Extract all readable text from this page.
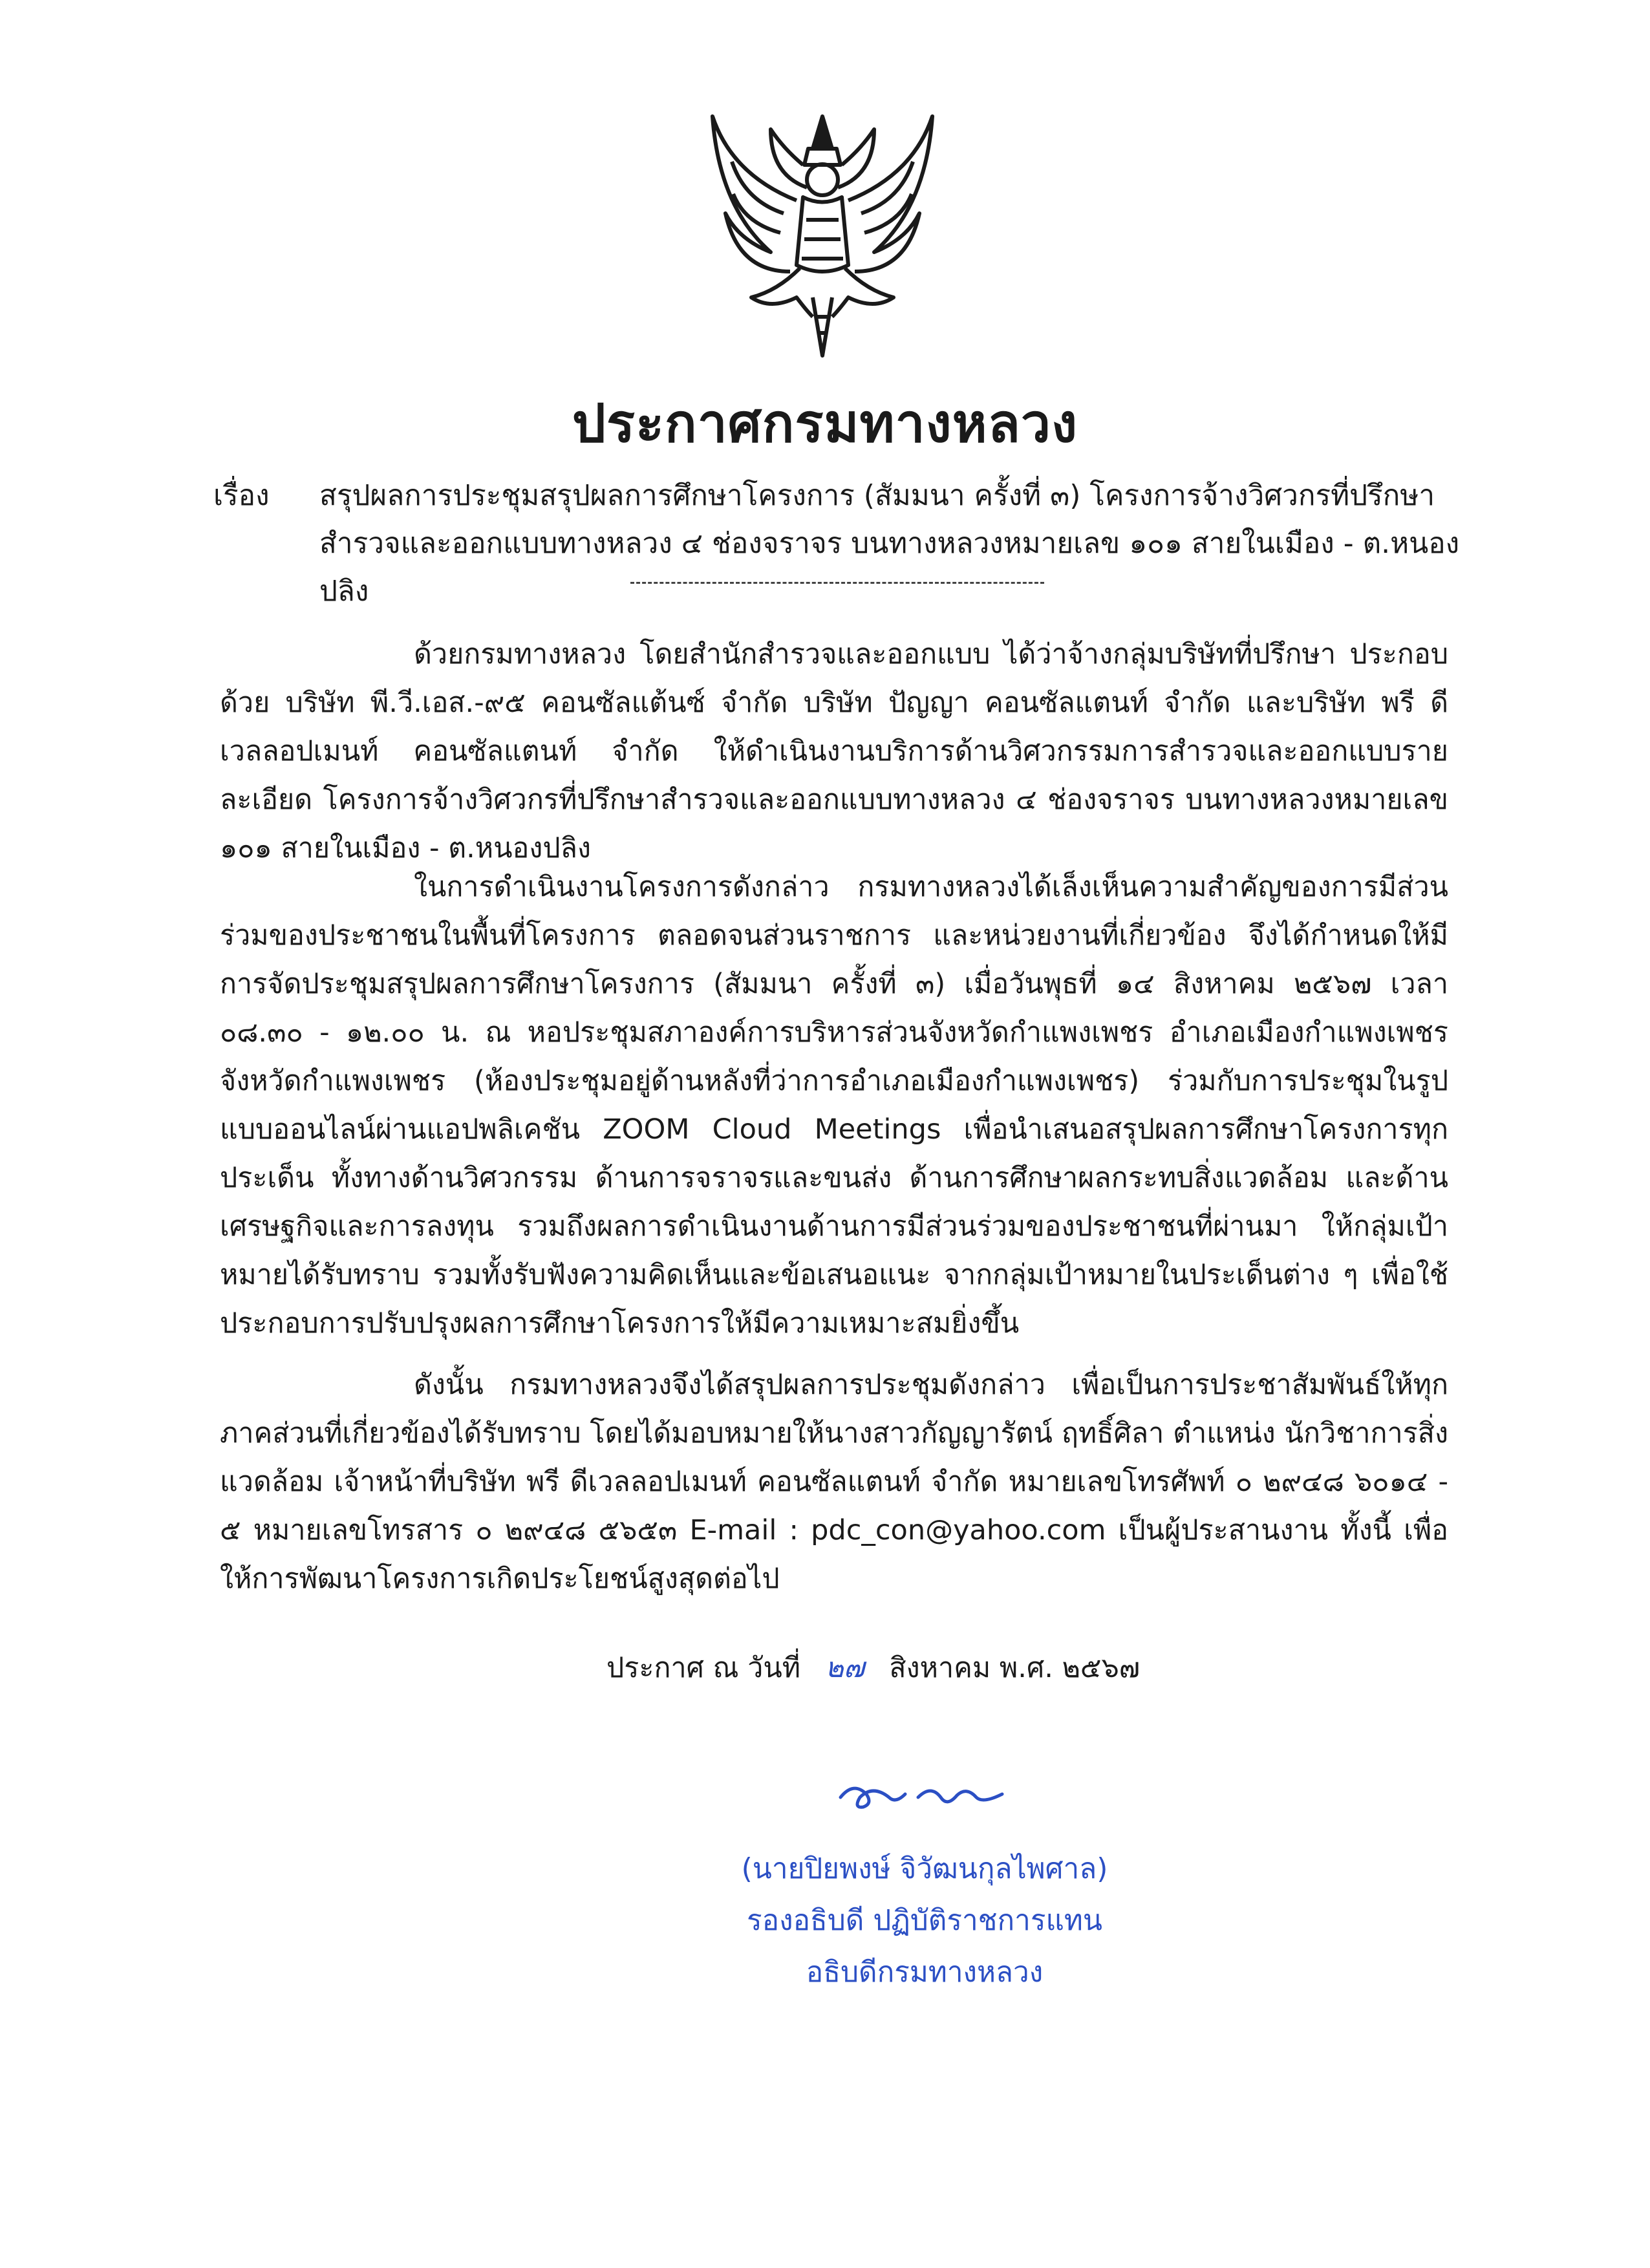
ประกาศกรมทางหลวง
เรื่อง สรุปผลการประชุมสรุปผลการศึกษาโครงการ (สัมมนา ครั้งที่ ๓) โครงการจ้างวิศวกรที่ปรึกษาสำรวจและออกแบบทางหลวง ๔ ช่องจราจร บนทางหลวงหมายเลข ๑๐๑ สายในเมือง - ต.หนองปลิง
ด้วยกรมทางหลวง โดยสำนักสำรวจและออกแบบ ได้ว่าจ้างกลุ่มบริษัทที่ปรึกษา ประกอบด้วย บริษัท พี.วี.เอส.-๙๕ คอนซัลแต้นซ์ จำกัด บริษัท ปัญญา คอนซัลแตนท์ จำกัด และบริษัท พรี ดีเวลลอปเมนท์ คอนซัลแตนท์ จำกัด ให้ดำเนินงานบริการด้านวิศวกรรมการสำรวจและออกแบบรายละเอียด โครงการจ้างวิศวกรที่ปรึกษาสำรวจและออกแบบทางหลวง ๔ ช่องจราจร บนทางหลวงหมายเลข ๑๐๑ สายในเมือง - ต.หนองปลิง
ในการดำเนินงานโครงการดังกล่าว กรมทางหลวงได้เล็งเห็นความสำคัญของการมีส่วนร่วมของประชาชนในพื้นที่โครงการ ตลอดจนส่วนราชการ และหน่วยงานที่เกี่ยวข้อง จึงได้กำหนดให้มีการจัดประชุมสรุปผลการศึกษาโครงการ (สัมมนา ครั้งที่ ๓) เมื่อวันพุธที่ ๑๔ สิงหาคม ๒๕๖๗ เวลา ๐๘.๓๐ - ๑๒.๐๐ น. ณ หอประชุมสภาองค์การบริหารส่วนจังหวัดกำแพงเพชร อำเภอเมืองกำแพงเพชร จังหวัดกำแพงเพชร (ห้องประชุมอยู่ด้านหลังที่ว่าการอำเภอเมืองกำแพงเพชร) ร่วมกับการประชุมในรูปแบบออนไลน์ผ่านแอปพลิเคชัน ZOOM Cloud Meetings เพื่อนำเสนอสรุปผลการศึกษาโครงการทุกประเด็น ทั้งทางด้านวิศวกรรม ด้านการจราจรและขนส่ง ด้านการศึกษาผลกระทบสิ่งแวดล้อม และด้านเศรษฐกิจและการลงทุน รวมถึงผลการดำเนินงานด้านการมีส่วนร่วมของประชาชนที่ผ่านมา ให้กลุ่มเป้าหมายได้รับทราบ รวมทั้งรับฟังความคิดเห็นและข้อเสนอแนะ จากกลุ่มเป้าหมายในประเด็นต่าง ๆ เพื่อใช้ประกอบการปรับปรุงผลการศึกษาโครงการให้มีความเหมาะสมยิ่งขึ้น
ดังนั้น กรมทางหลวงจึงได้สรุปผลการประชุมดังกล่าว เพื่อเป็นการประชาสัมพันธ์ให้ทุกภาคส่วนที่เกี่ยวข้องได้รับทราบ โดยได้มอบหมายให้นางสาวกัญญารัตน์ ฤทธิ์ศิลา ตำแหน่ง นักวิชาการสิ่งแวดล้อม เจ้าหน้าที่บริษัท พรี ดีเวลลอปเมนท์ คอนซัลแตนท์ จำกัด หมายเลขโทรศัพท์ ๐ ๒๙๔๘ ๖๐๑๔ - ๕ หมายเลขโทรสาร ๐ ๒๙๔๘ ๕๖๕๓ E-mail : pdc_con@yahoo.com เป็นผู้ประสานงาน ทั้งนี้ เพื่อให้การพัฒนาโครงการเกิดประโยชน์สูงสุดต่อไป
ประกาศ ณ วันที่ ๒๗ สิงหาคม พ.ศ. ๒๕๖๗
(นายปิยพงษ์ จิวัฒนกุลไพศาล)
รองอธิบดี ปฏิบัติราชการแทน
อธิบดีกรมทางหลวง
